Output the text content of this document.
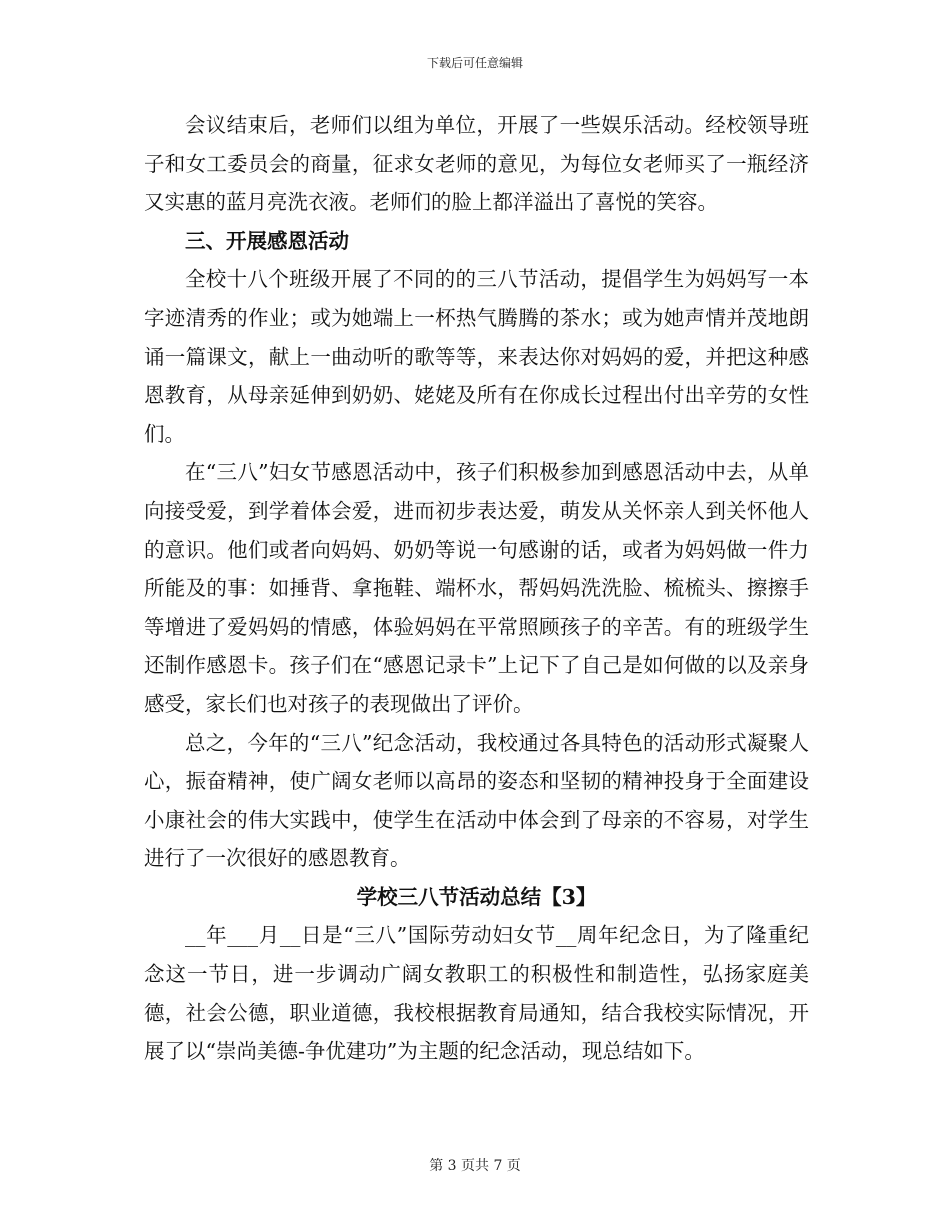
下载后可任意编辑

会议结束后，老师们以组为单位，开展了一些娱乐活动。经校领导班子和女工委员会的商量，征求女老师的意见，为每位女老师买了一瓶经济又实惠的蓝月亮洗衣液。老师们的脸上都洋溢出了喜悦的笑容。

三、开展感恩活动

全校十八个班级开展了不同的的三八节活动，提倡学生为妈妈写一本字迹清秀的作业；或为她端上一杯热气腾腾的茶水；或为她声情并茂地朗诵一篇课文，献上一曲动听的歌等等，来表达你对妈妈的爱，并把这种感恩教育，从母亲延伸到奶奶、姥姥及所有在你成长过程出付出辛劳的女性们。

在“三八”妇女节感恩活动中，孩子们积极参加到感恩活动中去，从单向接受爱，到学着体会爱，进而初步表达爱，萌发从关怀亲人到关怀他人的意识。他们或者向妈妈、奶奶等说一句感谢的话，或者为妈妈做一件力所能及的事：如捶背、拿拖鞋、端杯水，帮妈妈洗洗脸、梳梳头、擦擦手等增进了爱妈妈的情感，体验妈妈在平常照顾孩子的辛苦。有的班级学生还制作感恩卡。孩子们在“感恩记录卡”上记下了自己是如何做的以及亲身感受，家长们也对孩子的表现做出了评价。

总之，今年的“三八”纪念活动，我校通过各具特色的活动形式凝聚人心，振奋精神，使广阔女老师以高昂的姿态和坚韧的精神投身于全面建设小康社会的伟大实践中，使学生在活动中体会到了母亲的不容易，对学生进行了一次很好的感恩教育。

学校三八节活动总结【3】

__年___月__日是“三八”国际劳动妇女节__周年纪念日，为了隆重纪念这一节日，进一步调动广阔女教职工的积极性和制造性，弘扬家庭美德，社会公德，职业道德，我校根据教育局通知，结合我校实际情况，开展了以“崇尚美德-争优建功”为主题的纪念活动，现总结如下。

第 3 页共 7 页
